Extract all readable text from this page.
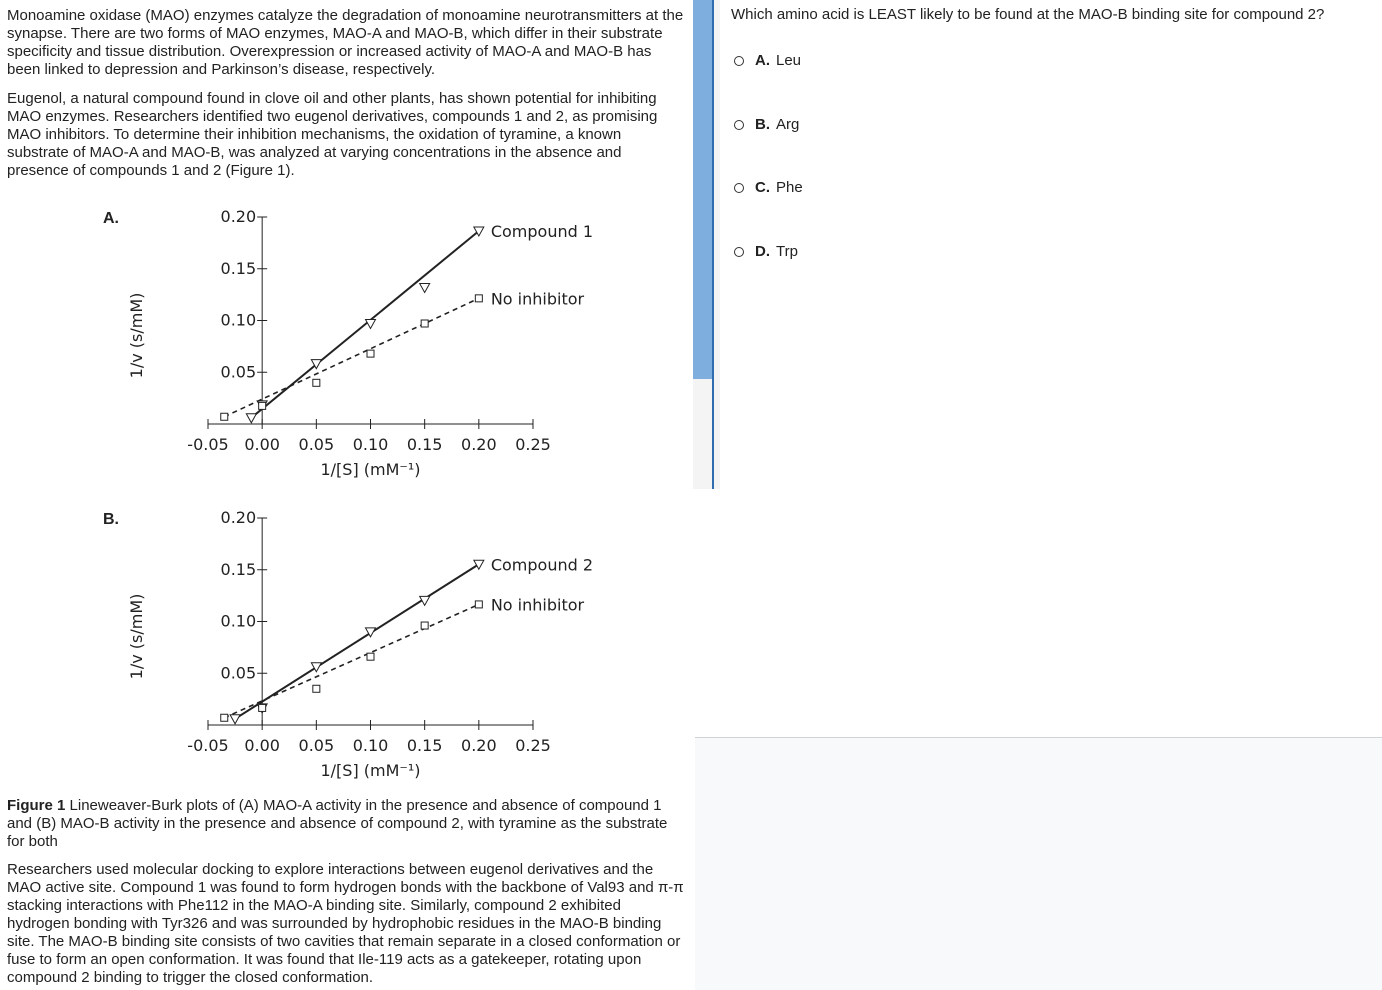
Monoamine oxidase (MAO) enzymes catalyze the degradation of monoamine neurotransmitters at the synapse. There are two forms of MAO enzymes, MAO-A and MAO-B, which differ in their substrate specificity and tissue distribution. Overexpression or increased activity of MAO-A and MAO-B has been linked to depression and Parkinson’s disease, respectively.

Eugenol, a natural compound found in clove oil and other plants, has shown potential for inhibiting MAO enzymes. Researchers identified two eugenol derivatives, compounds 1 and 2, as promising MAO inhibitors. To determine their inhibition mechanisms, the oxidation of tyramine, a known substrate of MAO-A and MAO-B, was analyzed at varying concentrations in the absence and presence of compounds 1 and 2 (Figure 1).

A.
-0.05 0.00 0.05 0.10 0.15 0.20 0.25
0.05
0.10
0.15
0.20
1/[S] (mM⁻¹)
1/v (s/mM)
Compound 1
No inhibitor
B.
-0.05 0.00 0.05 0.10 0.15 0.20 0.25
0.05
0.10
0.15
0.20
1/[S] (mM⁻¹)
1/v (s/mM)
Compound 2
No inhibitor

Figure 1 Lineweaver-Burk plots of (A) MAO-A activity in the presence and absence of compound 1 and (B) MAO-B activity in the presence and absence of compound 2, with tyramine as the substrate for both

Researchers used molecular docking to explore interactions between eugenol derivatives and the MAO active site. Compound 1 was found to form hydrogen bonds with the backbone of Val93 and π-π stacking interactions with Phe112 in the MAO-A binding site. Similarly, compound 2 exhibited hydrogen bonding with Tyr326 and was surrounded by hydrophobic residues in the MAO-B binding site. The MAO-B binding site consists of two cavities that remain separate in a closed conformation or fuse to form an open conformation. It was found that Ile-119 acts as a gatekeeper, rotating upon compound 2 binding to trigger the closed conformation.

Which amino acid is LEAST likely to be found at the MAO-B binding site for compound 2?

A. Leu
B. Arg
C. Phe
D. Trp
